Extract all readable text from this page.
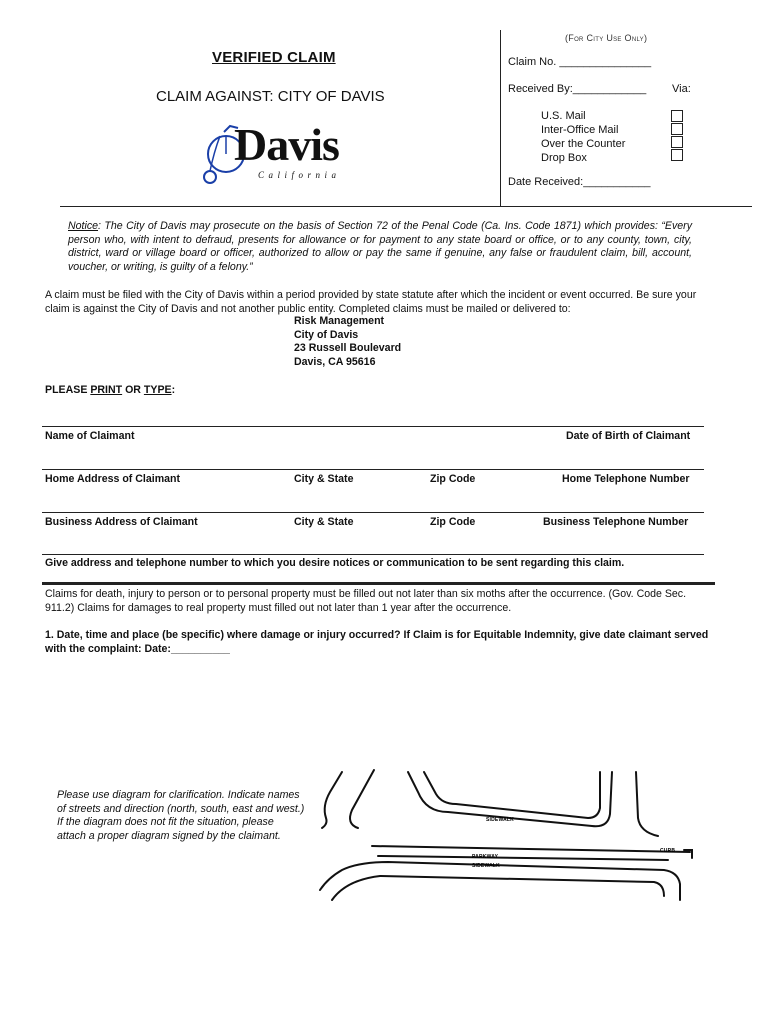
(For City Use Only)
Claim No. _______________
Received By:____________ Via:
U.S. Mail
Inter-Office Mail
Over the Counter
Drop Box
Date Received:___________
VERIFIED CLAIM
CLAIM AGAINST: CITY OF DAVIS
Davis
California
Notice: The City of Davis may prosecute on the basis of Section 72 of the Penal Code (Ca. Ins. Code 1871) which provides: “Every person who, with intent to defraud, presents for allowance or for payment to any state board or office, or to any county, town, city, district, ward or village board or officer, authorized to allow or pay the same if genuine, any false or fraudulent claim, bill, account, voucher, or writing, is guilty of a felony.”
A claim must be filed with the City of Davis within a period provided by state statute after which the incident or event occurred. Be sure your claim is against the City of Davis and not another public entity. Completed claims must be mailed or delivered to:
Risk Management
City of Davis
23 Russell Boulevard
Davis, CA 95616
PLEASE PRINT OR TYPE:
Name of Claimant	Date of Birth of Claimant
Home Address of Claimant	City & State	Zip Code	Home Telephone Number
Business Address of Claimant	City & State	Zip Code	Business Telephone Number
Give address and telephone number to which you desire notices or communication to be sent regarding this claim.
Claims for death, injury to person or to personal property must be filled out not later than six moths after the occurrence. (Gov. Code Sec. 911.2) Claims for damages to real property must filled out not later than 1 year after the occurrence.
1. Date, time and place (be specific) where damage or injury occurred? If Claim is for Equitable Indemnity, give date claimant served with the complaint: Date:__________
Please use diagram for clarification. Indicate names of streets and direction (north, south, east and west.) If the diagram does not fit the situation, please attach a proper diagram signed by the claimant.
SIDEWALK
PARKWAY
SIDEWALK
CURB
